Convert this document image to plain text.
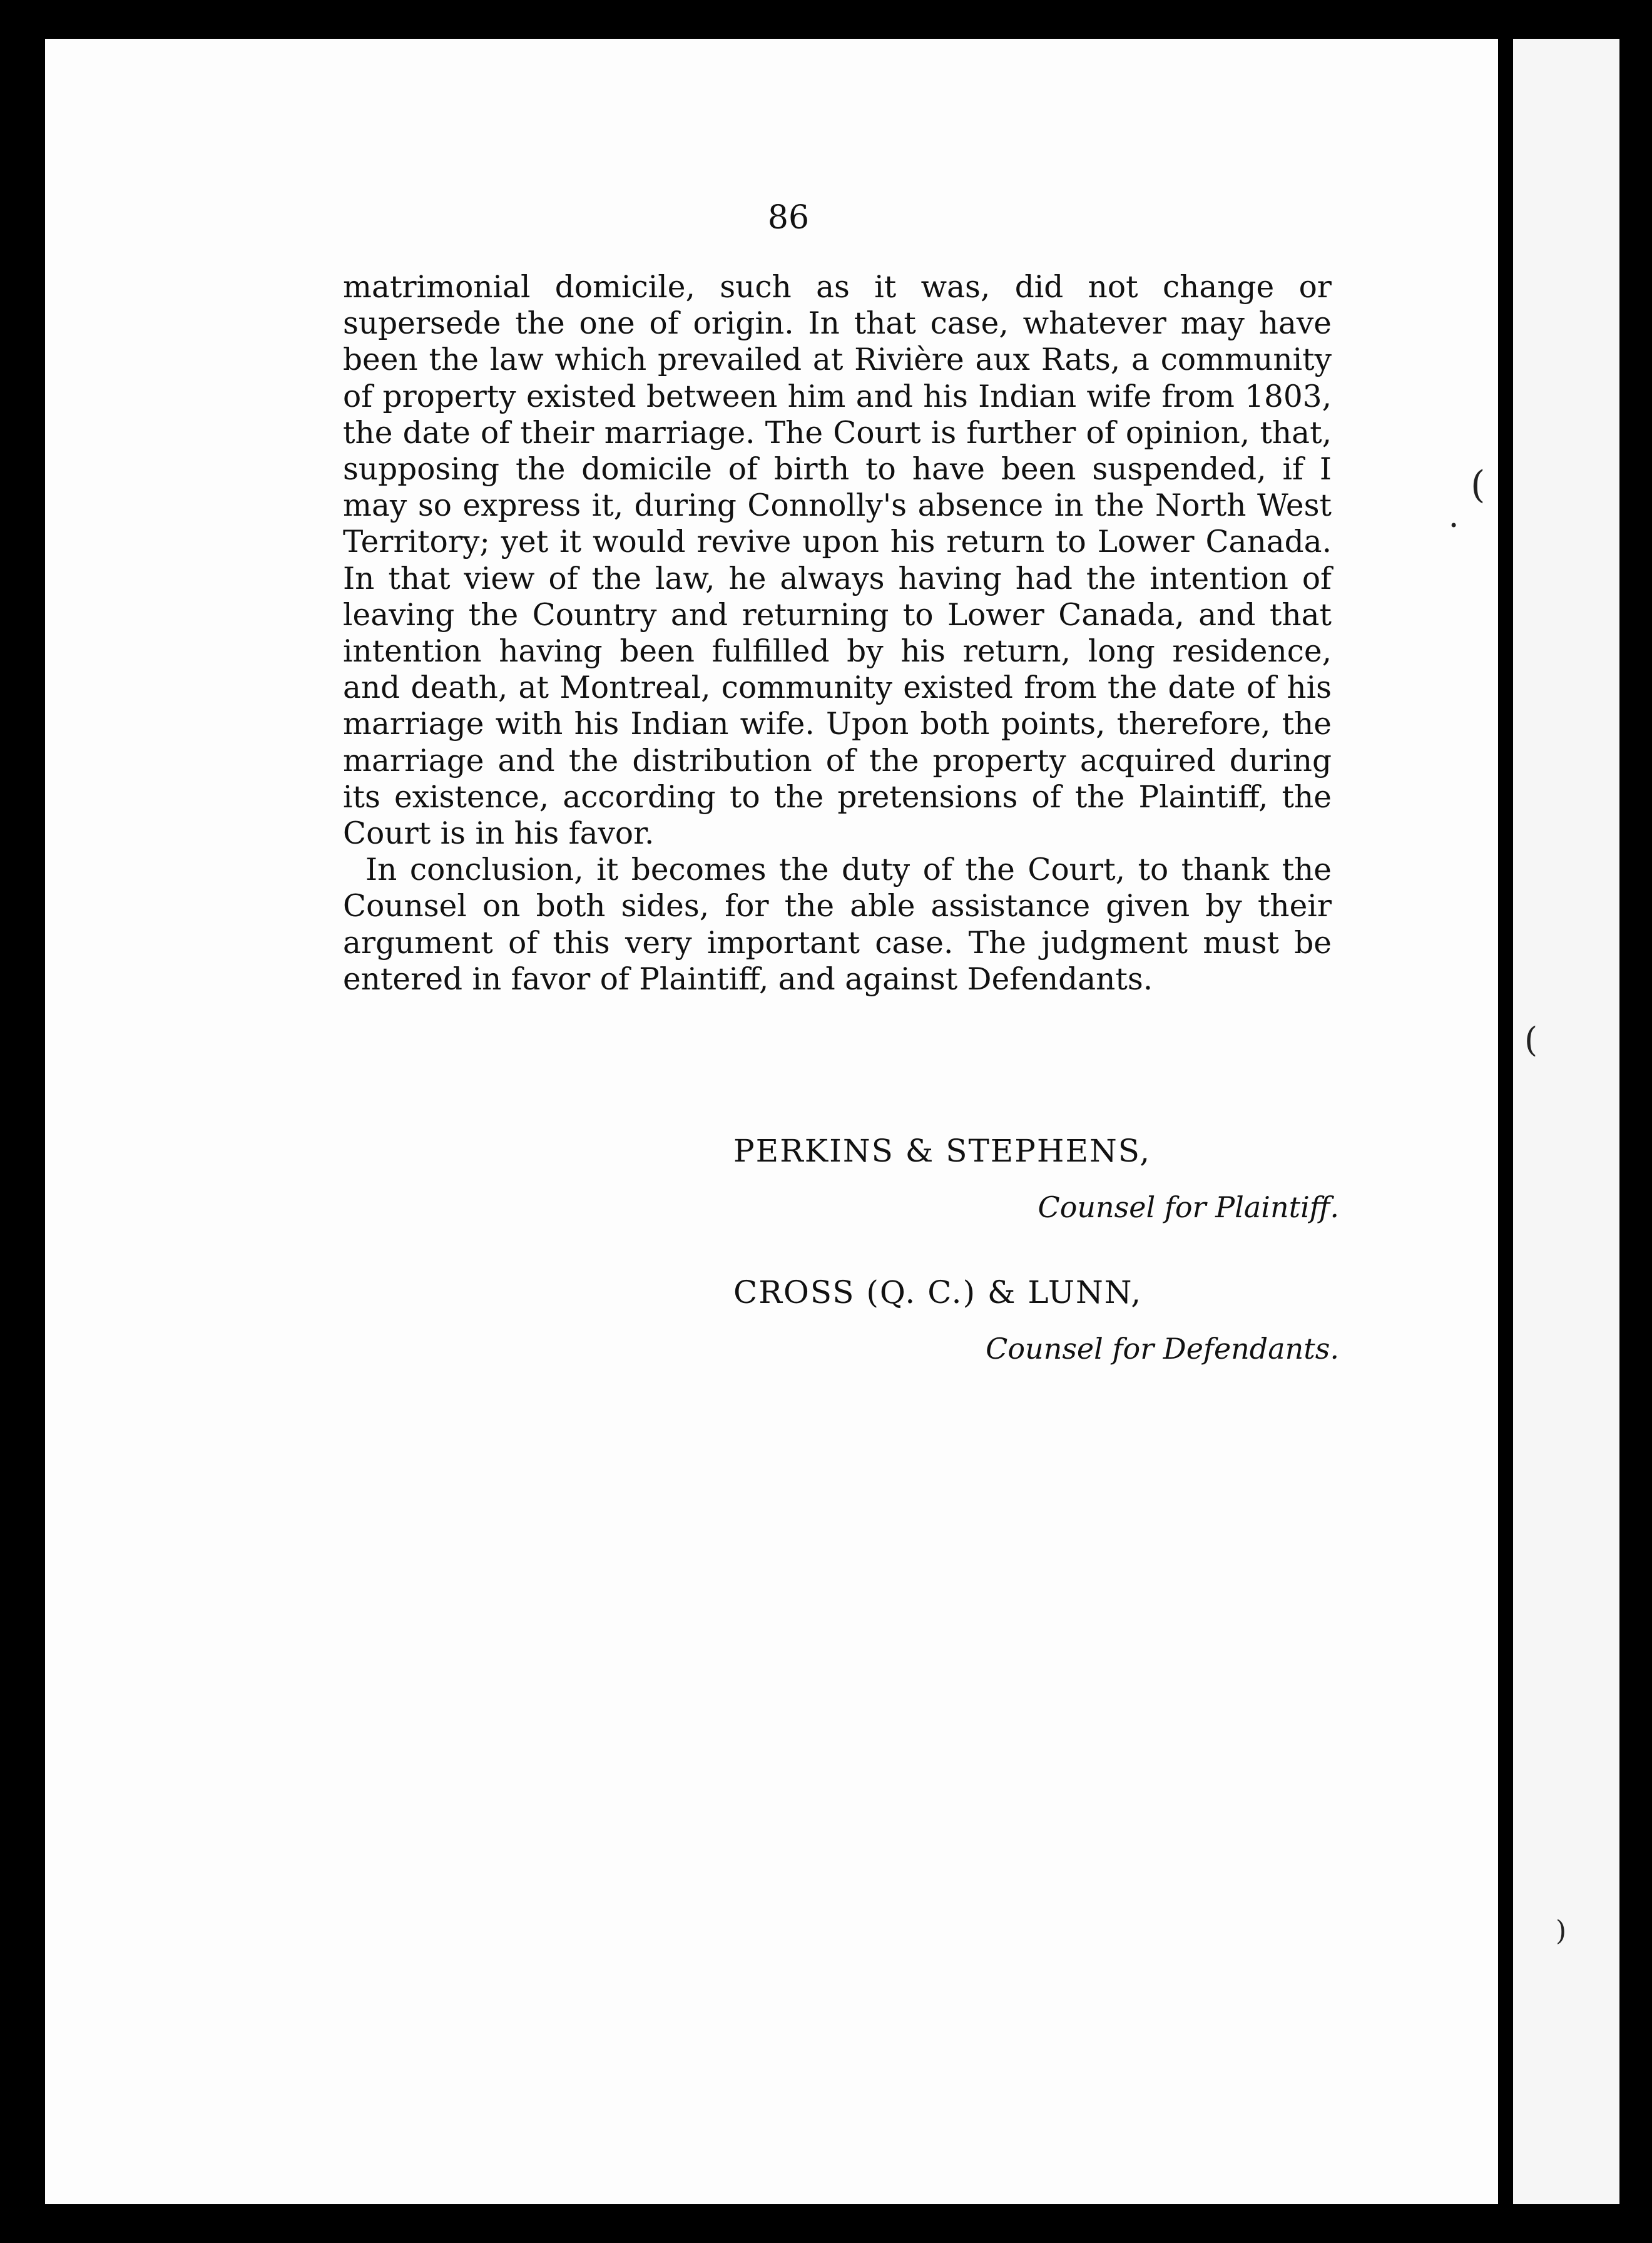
86

matrimonial domicile, such as it was, did not change or supersede the one of origin. In that case, whatever may have been the law which prevailed at Rivière aux Rats, a community of property existed between him and his Indian wife from 1803, the date of their marriage. The Court is further of opinion, that, supposing the domicile of birth to have been suspended, if I may so express it, during Connolly's absence in the North West Territory; yet it would revive upon his return to Lower Canada. In that view of the law, he always having had the intention of leaving the Country and returning to Lower Canada, and that intention having been fulfilled by his return, long residence, and death, at Montreal, community existed from the date of his marriage with his Indian wife. Upon both points, therefore, the marriage and the distribution of the property acquired during its existence, according to the pretensions of the Plaintiff, the Court is in his favor.

In conclusion, it becomes the duty of the Court, to thank the Counsel on both sides, for the able assistance given by their argument of this very important case. The judgment must be entered in favor of Plaintiff, and against Defendants.

PERKINS & STEPHENS,
Counsel for Plaintiff.
CROSS (Q. C.) & LUNN,
Counsel for Defendants.
(
•
(
)
